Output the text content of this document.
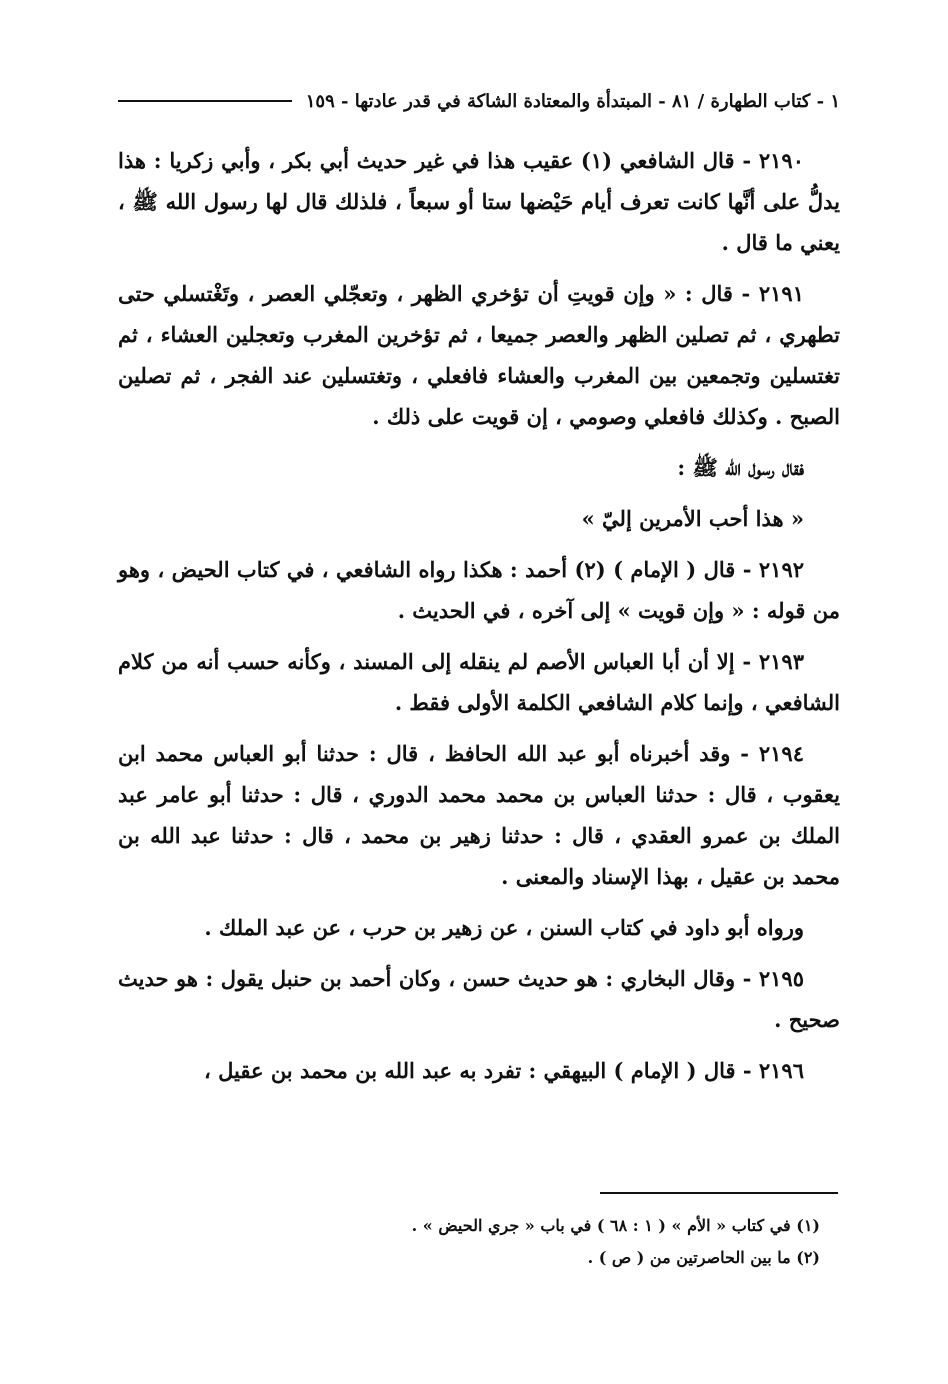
١ - كتاب الطهارة / ٨١ - المبتدأة والمعتادة الشاكة في قدر عادتها - ١٥٩

٢١٩٠ - قال الشافعي (١) عقيب هذا في غير حديث أبي بكر ، وأبي زكريا : هذا يدلُّ على أنَّها كانت تعرف أيام حَيْضها ستا أو سبعاً ، فلذلك قال لها رسول الله ﷺ ، يعني ما قال .

٢١٩١ - قال : « وإن قويتِ أن تؤخري الظهر ، وتعجّلي العصر ، وتَغْتسلي حتى تطهري ، ثم تصلين الظهر والعصر جميعا ، ثم تؤخرين المغرب وتعجلين العشاء ، ثم تغتسلين وتجمعين بين المغرب والعشاء فافعلي ، وتغتسلين عند الفجر ، ثم تصلين الصبح . وكذلك فافعلي وصومي ، إن قويت على ذلك .

فقال رسول الله ﷺ :

« هذا أحب الأمرين إليّ »

٢١٩٢ - قال ( الإمام ) (٢) أحمد : هكذا رواه الشافعي ، في كتاب الحيض ، وهو من قوله : « وإن قويت » إلى آخره ، في الحديث .

٢١٩٣ - إلا أن أبا العباس الأصم لم ينقله إلى المسند ، وكأنه حسب أنه من كلام الشافعي ، وإنما كلام الشافعي الكلمة الأولى فقط .

٢١٩٤ - وقد أخبرناه أبو عبد الله الحافظ ، قال : حدثنا أبو العباس محمد ابن يعقوب ، قال : حدثنا العباس بن محمد محمد الدوري ، قال : حدثنا أبو عامر عبد الملك بن عمرو العقدي ، قال : حدثنا زهير بن محمد ، قال : حدثنا عبد الله بن محمد بن عقيل ، بهذا الإسناد والمعنى .

ورواه أبو داود في كتاب السنن ، عن زهير بن حرب ، عن عبد الملك .

٢١٩٥ - وقال البخاري : هو حديث حسن ، وكان أحمد بن حنبل يقول : هو حديث صحيح .

٢١٩٦ - قال ( الإمام ) البيهقي : تفرد به عبد الله بن محمد بن عقيل ،

(١) في كتاب « الأم » ( ١ : ٦٨ ) في باب « جري الحيض » .

(٢) ما بين الحاصرتين من ( ص ) .
